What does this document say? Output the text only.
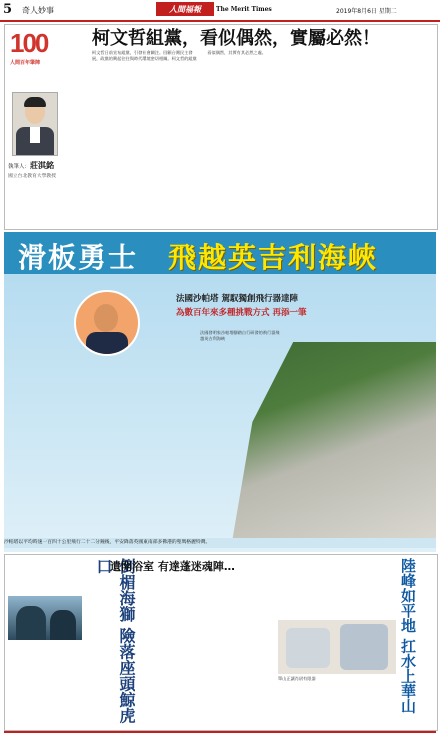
5 奇人妙事	人間福報	The Merit Times	2019年8月6日 星期二
100
人間百年筆陣
執筆人：莊淇銘
國立台北教育大學教授
柯文哲組黨，看似偶然，實屬必然！
柯文哲日前宣布組黨，引發社會關注。回顧台灣民主發展，政黨的興起往往與時代環境密切相關。柯文哲的組黨看似偶然，其實有其必然之處。
滑板勇士 飛越英吉利海峽
法國沙帕塔 駕馭獨創飛行器達陣
為數百年來多種挑戰方式 再添一筆
法國發明家沙帕塔腳踏自行研發的飛行器飛越英吉利海峽
沙帕塔以平均時速一百四十公里飛行二十二分鐘後，平安降落英國東南部多佛港的聖瑪格麗特灣。
倒楣海獅 險落座頭鯨虎口
遺開浴室 有達蓬迷魂陣…
單山正讓肖尉有限器	陸峰如平地 扛水上華山
